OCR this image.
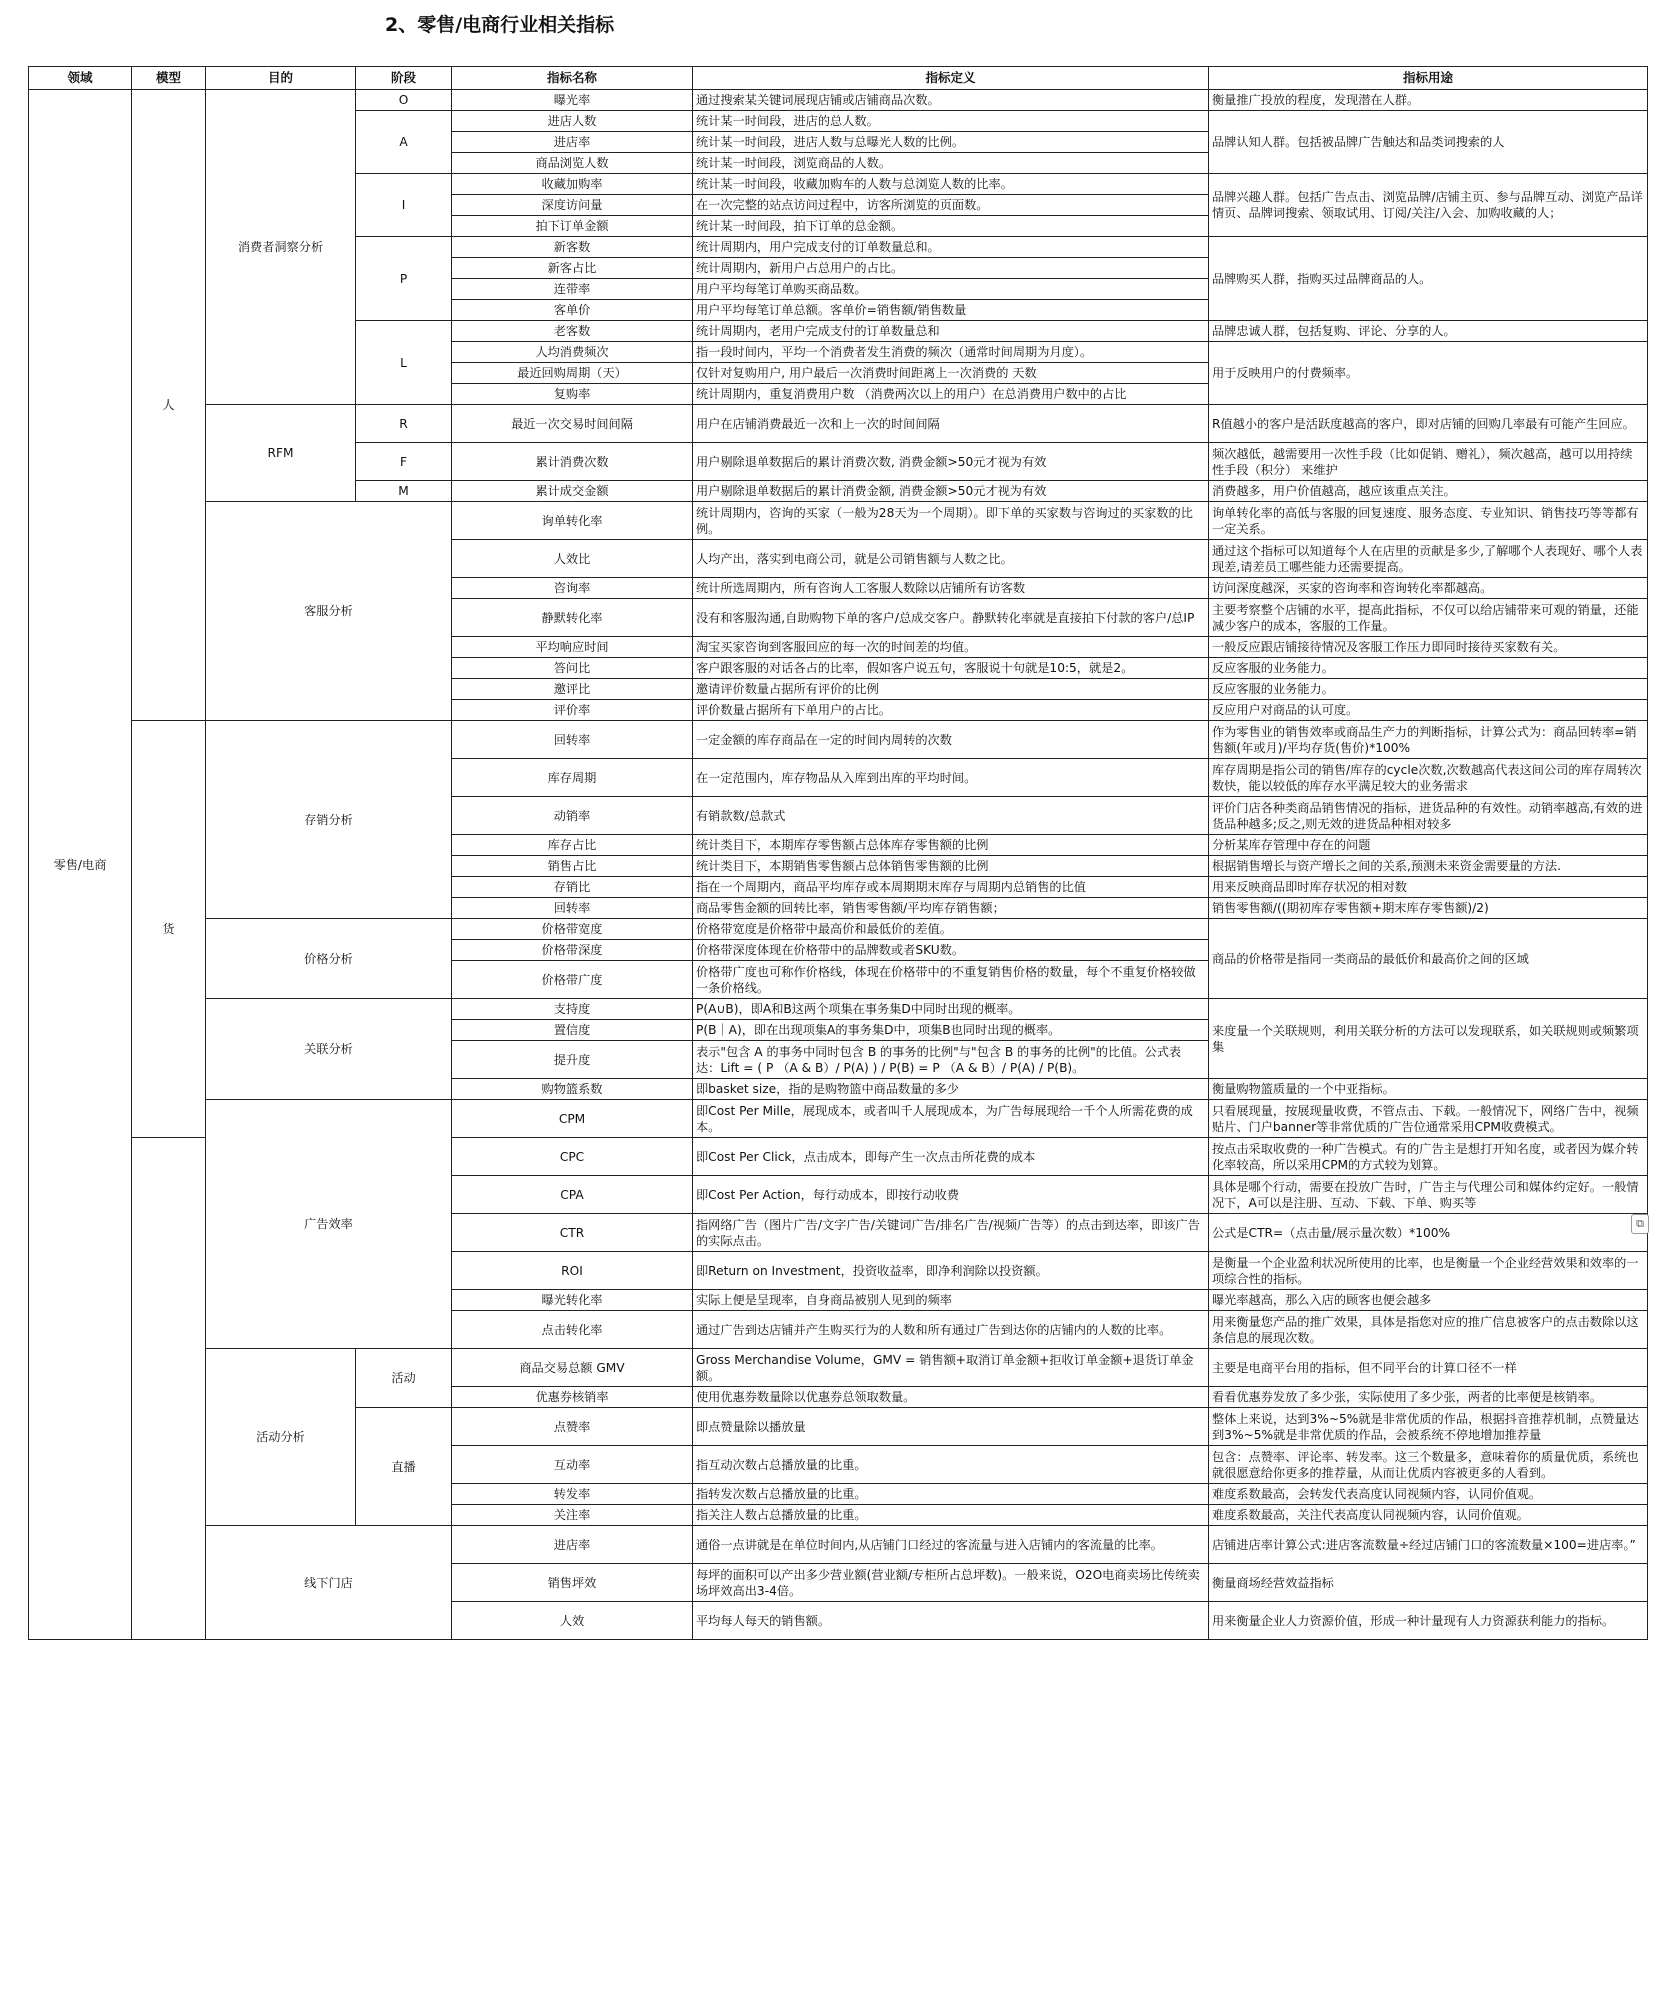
2、零售/电商行业相关指标
领域	模型	目的	阶段	指标名称	指标定义	指标用途
零售/电商	人	消费者洞察分析	O	曝光率	通过搜索某关键词展现店铺或店铺商品次数。	衡量推广投放的程度，发现潜在人群。
			A	进店人数	统计某一时间段，进店的总人数。	品牌认知人群。包括被品牌广告触达和品类词搜索的人
				进店率	统计某一时间段，进店人数与总曝光人数的比例。	
				商品浏览人数	统计某一时间段，浏览商品的人数。	
			I	收藏加购率	统计某一时间段，收藏加购车的人数与总浏览人数的比率。	品牌兴趣人群。包括广告点击、浏览品牌/店铺主页、参与品牌互动、浏览产品详情页、品牌词搜索、领取试用、订阅/关注/入会、加购收藏的人；
				深度访问量	在一次完整的站点访问过程中，访客所浏览的页面数。	
				拍下订单金额	统计某一时间段，拍下订单的总金额。	
			P	新客数	统计周期内，用户完成支付的订单数量总和。	品牌购买人群，指购买过品牌商品的人。
				新客占比	统计周期内，新用户占总用户的占比。	
				连带率	用户平均每笔订单购买商品数。	
				客单价	用户平均每笔订单总额。客单价=销售额/销售数量	
			L	老客数	统计周期内，老用户完成支付的订单数量总和	品牌忠诚人群，包括复购、评论、分享的人。
				人均消费频次	指一段时间内，平均一个消费者发生消费的频次（通常时间周期为月度）。	用于反映用户的付费频率。
				最近回购周期（天）	仅针对复购用户, 用户最后一次消费时间距离上一次消费的 天数	
				复购率	统计周期内，重复消费用户数 （消费两次以上的用户）在总消费用户数中的占比	
		RFM	R	最近一次交易时间间隔	用户在店铺消费最近一次和上一次的时间间隔	R值越小的客户是活跃度越高的客户，即对店铺的回购几率最有可能产生回应。
			F	累计消费次数	用户剔除退单数据后的累计消费次数, 消费金额>50元才视为有效	频次越低，越需要用一次性手段（比如促销、赠礼），频次越高，越可以用持续性手段（积分） 来维护
			M	累计成交金额	用户剔除退单数据后的累计消费金额, 消费金额>50元才视为有效	消费越多，用户价值越高，越应该重点关注。
		客服分析		询单转化率	统计周期内，咨询的买家（一般为28天为一个周期）。即下单的买家数与咨询过的买家数的比例。	询单转化率的高低与客服的回复速度、服务态度、专业知识、销售技巧等等都有一定关系。
				人效比	人均产出，落实到电商公司，就是公司销售额与人数之比。	通过这个指标可以知道每个人在店里的贡献是多少,了解哪个人表现好、哪个人表现差,请差员工哪些能力还需要提高。
				咨询率	统计所选周期内，所有咨询人工客服人数除以店铺所有访客数	访问深度越深，买家的咨询率和咨询转化率都越高。
				静默转化率	没有和客服沟通,自助购物下单的客户/总成交客户。静默转化率就是直接拍下付款的客户/总IP	主要考察整个店铺的水平，提高此指标，不仅可以给店铺带来可观的销量，还能减少客户的成本，客服的工作量。
				平均响应时间	淘宝买家咨询到客服回应的每一次的时间差的均值。	一般反应跟店铺接待情况及客服工作压力即同时接待买家数有关。
				答问比	客户跟客服的对话各占的比率，假如客户说五句，客服说十句就是10:5，就是2。	反应客服的业务能力。
				邀评比	邀请评价数量占据所有评价的比例	反应客服的业务能力。
				评价率	评价数量占据所有下单用户的占比。	反应用户对商品的认可度。
	货	存销分析		回转率	一定金额的库存商品在一定的时间内周转的次数	作为零售业的销售效率或商品生产力的判断指标，计算公式为：商品回转率=销售额(年或月)/平均存货(售价)*100%
				库存周期	在一定范围内，库存物品从入库到出库的平均时间。	库存周期是指公司的销售/库存的cycle次数,次数越高代表这间公司的库存周转次数快，能以较低的库存水平满足较大的业务需求
				动销率	有销款数/总款式	评价门店各种类商品销售情况的指标，进货品种的有效性。动销率越高,有效的进货品种越多;反之,则无效的进货品种相对较多
				库存占比	统计类目下，本期库存零售额占总体库存零售额的比例	分析某库存管理中存在的问题
				销售占比	统计类目下，本期销售零售额占总体销售零售额的比例	根据销售增长与资产增长之间的关系,预测未来资金需要量的方法.
				存销比	指在一个周期内，商品平均库存或本周期期末库存与周期内总销售的比值	用来反映商品即时库存状况的相对数
				回转率	商品零售金额的回转比率，销售零售额/平均库存销售额；	销售零售额/((期初库存零售额+期末库存零售额)/2)
		价格分析		价格带宽度	价格带宽度是价格带中最高价和最低价的差值。	商品的价格带是指同一类商品的最低价和最高价之间的区域
				价格带深度	价格带深度体现在价格带中的品牌数或者SKU数。	
				价格带广度	价格带广度也可称作价格线，体现在价格带中的不重复销售价格的数量，每个不重复价格较做一条价格线。	
		关联分析		支持度	P(A∪B)，即A和B这两个项集在事务集D中同时出现的概率。	来度量一个关联规则，利用关联分析的方法可以发现联系，如关联规则或频繁项集
				置信度	P(B｜A)，即在出现项集A的事务集D中，项集B也同时出现的概率。	
				提升度	表示"包含 A 的事务中同时包含 B 的事务的比例"与"包含 B 的事务的比例"的比值。公式表达：Lift = ( P （A & B）/ P(A) ) / P(B) = P （A & B）/ P(A) / P(B)。	
				购物篮系数	即basket size，指的是购物篮中商品数量的多少	衡量购物篮质量的一个中亚指标。
		广告效率		CPM	即Cost Per Mille，展现成本，或者叫千人展现成本，为广告每展现给一千个人所需花费的成本。	只看展现量，按展现量收费，不管点击、下载。一般情况下，网络广告中，视频贴片、门户banner等非常优质的广告位通常采用CPM收费模式。
				CPC	即Cost Per Click，点击成本，即每产生一次点击所花费的成本	按点击采取收费的一种广告模式。有的广告主是想打开知名度，或者因为媒介转化率较高，所以采用CPM的方式较为划算。
				CPA	即Cost Per Action，每行动成本，即按行动收费	具体是哪个行动，需要在投放广告时，广告主与代理公司和媒体约定好。一般情况下，A可以是注册、互动、下载、下单、购买等
				CTR	指网络广告（图片广告/文字广告/关键词广告/排名广告/视频广告等）的点击到达率，即该广告的实际点击。	公式是CTR=（点击量/展示量次数）*100%
				ROI	即Return on Investment，投资收益率，即净利润除以投资额。	是衡量一个企业盈利状况所使用的比率，也是衡量一个企业经营效果和效率的一项综合性的指标。
				曝光转化率	实际上便是呈现率，自身商品被别人见到的频率	曝光率越高，那么入店的顾客也便会越多
				点击转化率	通过广告到达店铺并产生购买行为的人数和所有通过广告到达你的店铺内的人数的比率。	用来衡量您产品的推广效果，具体是指您对应的推广信息被客户的点击数除以这条信息的展现次数。
		活动分析	活动	商品交易总额 GMV	Gross Merchandise Volume，GMV = 销售额+取消订单金额+拒收订单金额+退货订单金额。	主要是电商平台用的指标，但不同平台的计算口径不一样
				优惠券核销率	使用优惠券数量除以优惠券总领取数量。	看看优惠券发放了多少张，实际使用了多少张，两者的比率便是核销率。
			直播	点赞率	即点赞量除以播放量	整体上来说，达到3%~5%就是非常优质的作品，根据抖音推荐机制，点赞量达到3%~5%就是非常优质的作品，会被系统不停地增加推荐量
				互动率	指互动次数占总播放量的比重。	包含：点赞率、评论率、转发率。这三个数量多，意味着你的质量优质，系统也就很愿意给你更多的推荐量，从而让优质内容被更多的人看到。
				转发率	指转发次数占总播放量的比重。	难度系数最高，会转发代表高度认同视频内容，认同价值观。
				关注率	指关注人数占总播放量的比重。	难度系数最高，关注代表高度认同视频内容，认同价值观。
		线下门店		进店率	通俗一点讲就是在单位时间内,从店铺门口经过的客流量与进入店铺内的客流量的比率。	店铺进店率计算公式:进店客流数量÷经过店铺门口的客流数量×100=进店率。”
				销售坪效	每坪的面积可以产出多少营业额(营业额/专柜所占总坪数)。一般来说，O2O电商卖场比传统卖场坪效高出3-4倍。	衡量商场经营效益指标
				人效	平均每人每天的销售额。	用来衡量企业人力资源价值，形成一种计量现有人力资源获利能力的指标。
⧉
